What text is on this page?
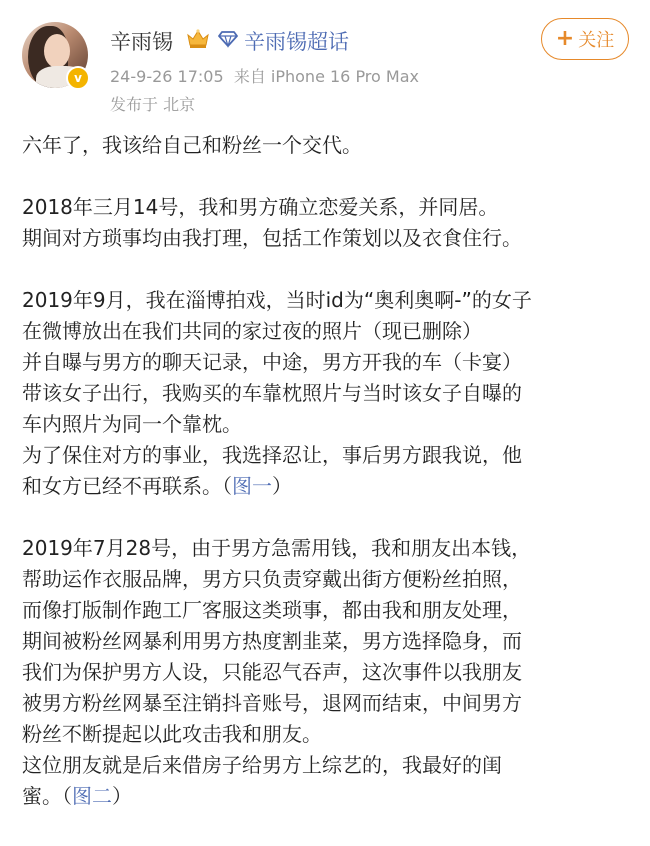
v
辛雨锡	辛雨锡超话	+ 关注
24-9-26 17:05 来自 iPhone 16 Pro Max
发布于 北京

六年了，我该给自己和粉丝一个交代。

2018年三月14号，我和男方确立恋爱关系，并同居。
期间对方琐事均由我打理，包括工作策划以及衣食住行。

2019年9月，我在淄博拍戏，当时id为“奥利奥啊-”的女子
在微博放出在我们共同的家过夜的照片（现已删除）
并自曝与男方的聊天记录，中途，男方开我的车（卡宴）
带该女子出行，我购买的车靠枕照片与当时该女子自曝的
车内照片为同一个靠枕。
为了保住对方的事业，我选择忍让，事后男方跟我说，他
和女方已经不再联系。（图一）

2019年7月28号，由于男方急需用钱，我和朋友出本钱，
帮助运作衣服品牌，男方只负责穿戴出街方便粉丝拍照，
而像打版制作跑工厂客服这类琐事，都由我和朋友处理，
期间被粉丝网暴利用男方热度割韭菜，男方选择隐身，而
我们为保护男方人设，只能忍气吞声，这次事件以我朋友
被男方粉丝网暴至注销抖音账号，退网而结束，中间男方
粉丝不断提起以此攻击我和朋友。
这位朋友就是后来借房子给男方上综艺的，我最好的闺
蜜。（图二）
